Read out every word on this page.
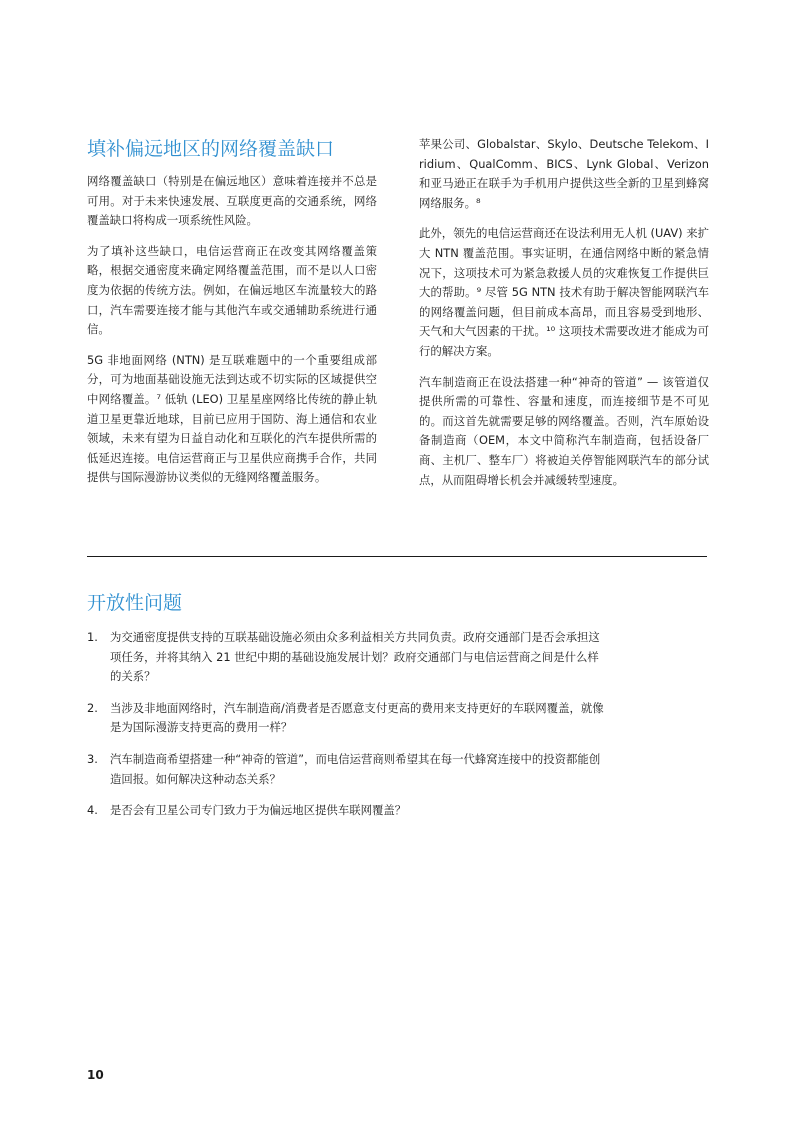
填补偏远地区的网络覆盖缺口

网络覆盖缺口（特别是在偏远地区）意味着连接并不总是可用。对于未来快速发展、互联度更高的交通系统，网络覆盖缺口将构成一项系统性风险。

为了填补这些缺口，电信运营商正在改变其网络覆盖策略，根据交通密度来确定网络覆盖范围，而不是以人口密度为依据的传统方法。例如，在偏远地区车流量较大的路口，汽车需要连接才能与其他汽车或交通辅助系统进行通信。

5G 非地面网络 (NTN) 是互联难题中的一个重要组成部分，可为地面基础设施无法到达或不切实际的区域提供空中网络覆盖。⁷ 低轨 (LEO) 卫星星座网络比传统的静止轨道卫星更靠近地球，目前已应用于国防、海上通信和农业领域，未来有望为日益自动化和互联化的汽车提供所需的低延迟连接。电信运营商正与卫星供应商携手合作，共同提供与国际漫游协议类似的无缝网络覆盖服务。

苹果公司、Globalstar、Skylo、Deutsche Telekom、Iridium、QualComm、BICS、Lynk Global、Verizon 和亚马逊正在联手为手机用户提供这些全新的卫星到蜂窝网络服务。⁸

此外，领先的电信运营商还在设法利用无人机 (UAV) 来扩大 NTN 覆盖范围。事实证明，在通信网络中断的紧急情况下，这项技术可为紧急救援人员的灾难恢复工作提供巨大的帮助。⁹ 尽管 5G NTN 技术有助于解决智能网联汽车的网络覆盖问题，但目前成本高昂，而且容易受到地形、天气和大气因素的干扰。¹⁰ 这项技术需要改进才能成为可行的解决方案。

汽车制造商正在设法搭建一种“神奇的管道” — 该管道仅提供所需的可靠性、容量和速度，而连接细节是不可见的。而这首先就需要足够的网络覆盖。否则，汽车原始设备制造商（OEM，本文中简称汽车制造商，包括设备厂商、主机厂、整车厂）将被迫关停智能网联汽车的部分试点，从而阻碍增长机会并减缓转型速度。

开放性问题
1. 为交通密度提供支持的互联基础设施必须由众多利益相关方共同负责。政府交通部门是否会承担这项任务，并将其纳入 21 世纪中期的基础设施发展计划？政府交通部门与电信运营商之间是什么样的关系？
2. 当涉及非地面网络时，汽车制造商/消费者是否愿意支付更高的费用来支持更好的车联网覆盖，就像是为国际漫游支持更高的费用一样？
3. 汽车制造商希望搭建一种“神奇的管道”，而电信运营商则希望其在每一代蜂窝连接中的投资都能创造回报。如何解决这种动态关系？
4. 是否会有卫星公司专门致力于为偏远地区提供车联网覆盖？
10
